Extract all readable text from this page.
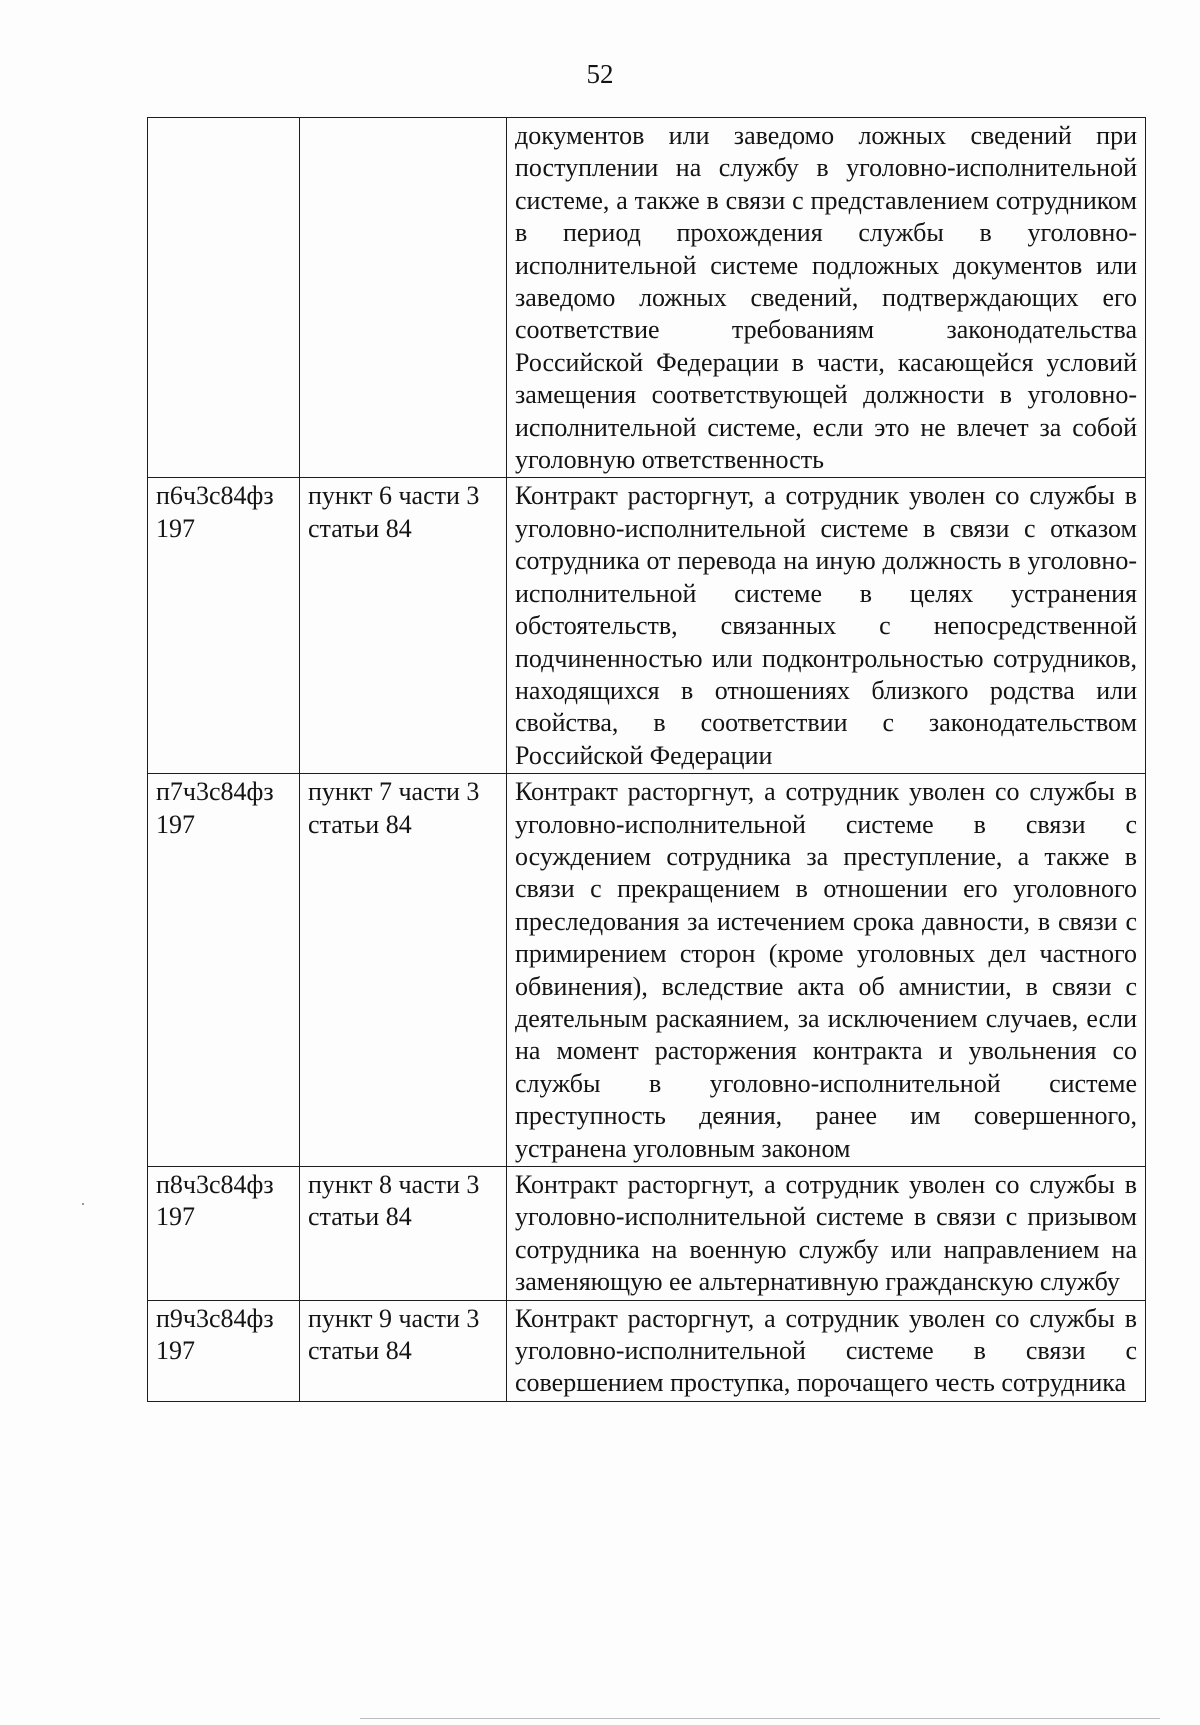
52
		документов или заведомо ложных сведений при поступлении на службу в уголовно-исполнительной системе, а также в связи с представлением сотрудником в период прохождения службы в уголовно-исполнительной системе подложных документов или заведомо ложных сведений, подтверждающих его соответствие требованиям законодательства Российской Федерации в части, касающейся условий замещения соответствующей должности в уголовно-исполнительной системе, если это не влечет за собой уголовную ответственность
п6ч3с84фз 197	пункт 6 части 3 статьи 84	Контракт расторгнут, а сотрудник уволен со службы в уголовно-исполнительной системе в связи с отказом сотрудника от перевода на иную должность в уголовно-исполнительной системе в целях устранения обстоятельств, связанных с непосредственной подчиненностью или подконтрольностью сотрудников, находящихся в отношениях близкого родства или свойства, в соответствии с законодательством Российской Федерации
п7ч3с84фз 197	пункт 7 части 3 статьи 84	Контракт расторгнут, а сотрудник уволен со службы в уголовно-исполнительной системе в связи с осуждением сотрудника за преступление, а также в связи с прекращением в отношении его уголовного преследования за истечением срока давности, в связи с примирением сторон (кроме уголовных дел частного обвинения), вследствие акта об амнистии, в связи с деятельным раскаянием, за исключением случаев, если на момент расторжения контракта и увольнения со службы в уголовно-исполнительной системе преступность деяния, ранее им совершенного, устранена уголовным законом
п8ч3с84фз 197	пункт 8 части 3 статьи 84	Контракт расторгнут, а сотрудник уволен со службы в уголовно-исполнительной системе в связи с призывом сотрудника на военную службу или направлением на заменяющую ее альтернативную гражданскую службу
п9ч3с84фз 197	пункт 9 части 3 статьи 84	Контракт расторгнут, а сотрудник уволен со службы в уголовно-исполнительной системе в связи с совершением проступка, порочащего честь сотрудника
